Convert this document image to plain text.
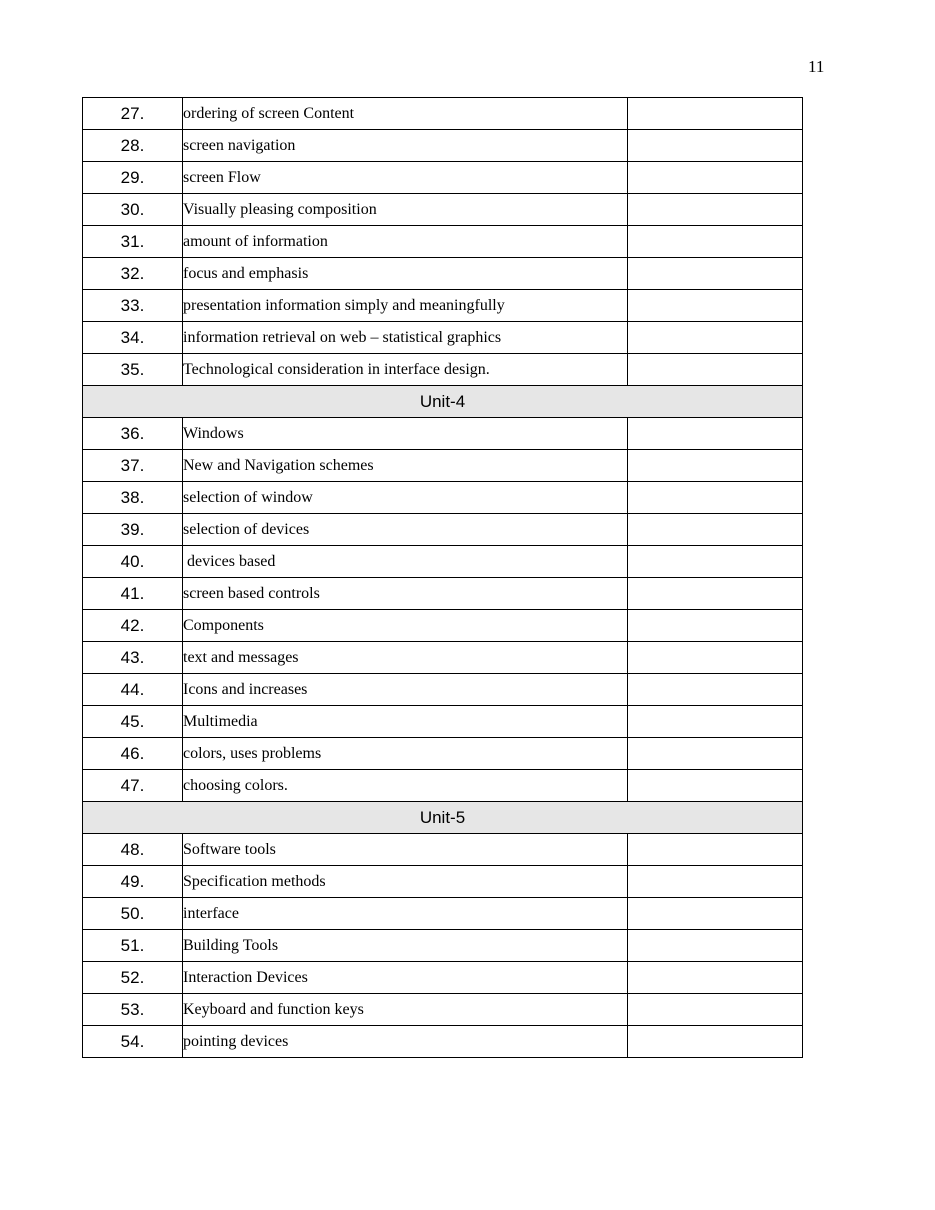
11
27.	ordering of screen Content	
28.	screen navigation	
29.	screen Flow	
30.	Visually pleasing composition	
31.	amount of information	
32.	focus and emphasis	
33.	presentation information simply and meaningfully	
34.	information retrieval on web – statistical graphics	
35.	Technological consideration in interface design.	
Unit-4		
36.	Windows	
37.	New and Navigation schemes	
38.	selection of window	
39.	selection of devices	
40.	devices based	
41.	screen based controls	
42.	Components	
43.	text and messages	
44.	Icons and increases	
45.	Multimedia	
46.	colors, uses problems	
47.	choosing colors.	
Unit-5		
48.	Software tools	
49.	Specification methods	
50.	interface	
51.	Building Tools	
52.	Interaction Devices	
53.	Keyboard and function keys	
54.	pointing devices	
